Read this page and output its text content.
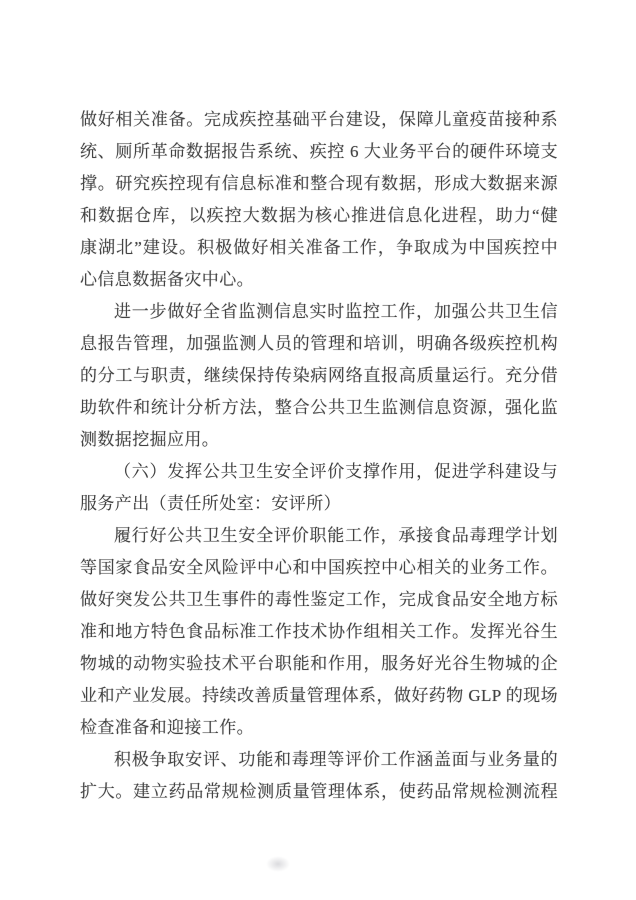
做好相关准备。完成疾控基础平台建设，保障儿童疫苗接种系
统、厕所革命数据报告系统、疾控 6 大业务平台的硬件环境支
撑。研究疾控现有信息标准和整合现有数据，形成大数据来源
和数据仓库，以疾控大数据为核心推进信息化进程，助力“健
康湖北”建设。积极做好相关准备工作，争取成为中国疾控中
心信息数据备灾中心。
进一步做好全省监测信息实时监控工作，加强公共卫生信
息报告管理，加强监测人员的管理和培训，明确各级疾控机构
的分工与职责，继续保持传染病网络直报高质量运行。充分借
助软件和统计分析方法，整合公共卫生监测信息资源，强化监
测数据挖掘应用。
（六）发挥公共卫生安全评价支撑作用，促进学科建设与
服务产出（责任所处室：安评所）
履行好公共卫生安全评价职能工作，承接食品毒理学计划
等国家食品安全风险评中心和中国疾控中心相关的业务工作。
做好突发公共卫生事件的毒性鉴定工作，完成食品安全地方标
准和地方特色食品标准工作技术协作组相关工作。发挥光谷生
物城的动物实验技术平台职能和作用，服务好光谷生物城的企
业和产业发展。持续改善质量管理体系，做好药物 GLP 的现场
检查准备和迎接工作。
积极争取安评、功能和毒理等评价工作涵盖面与业务量的
扩大。建立药品常规检测质量管理体系，使药品常规检测流程
